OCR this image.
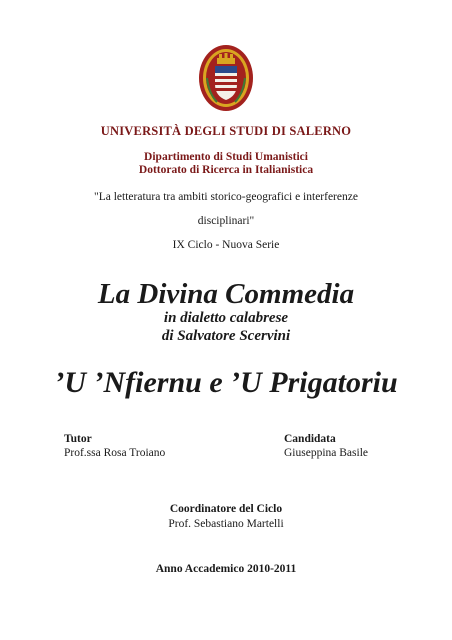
UNIVERSITÀ DEGLI STUDI DI SALERNO
Dipartimento di Studi Umanistici
Dottorato di Ricerca in Italianistica
"La letteratura tra ambiti storico-geografici e interferenze
disciplinari"
IX Ciclo - Nuova Serie
La Divina Commedia
in dialetto calabrese
di Salvatore Scervini
’U ’Nfiernu e ’U Prigatoriu
Tutor
Prof.ssa Rosa Troiano
Candidata
Giuseppina Basile
Coordinatore del Ciclo
Prof. Sebastiano Martelli
Anno Accademico 2010-2011
